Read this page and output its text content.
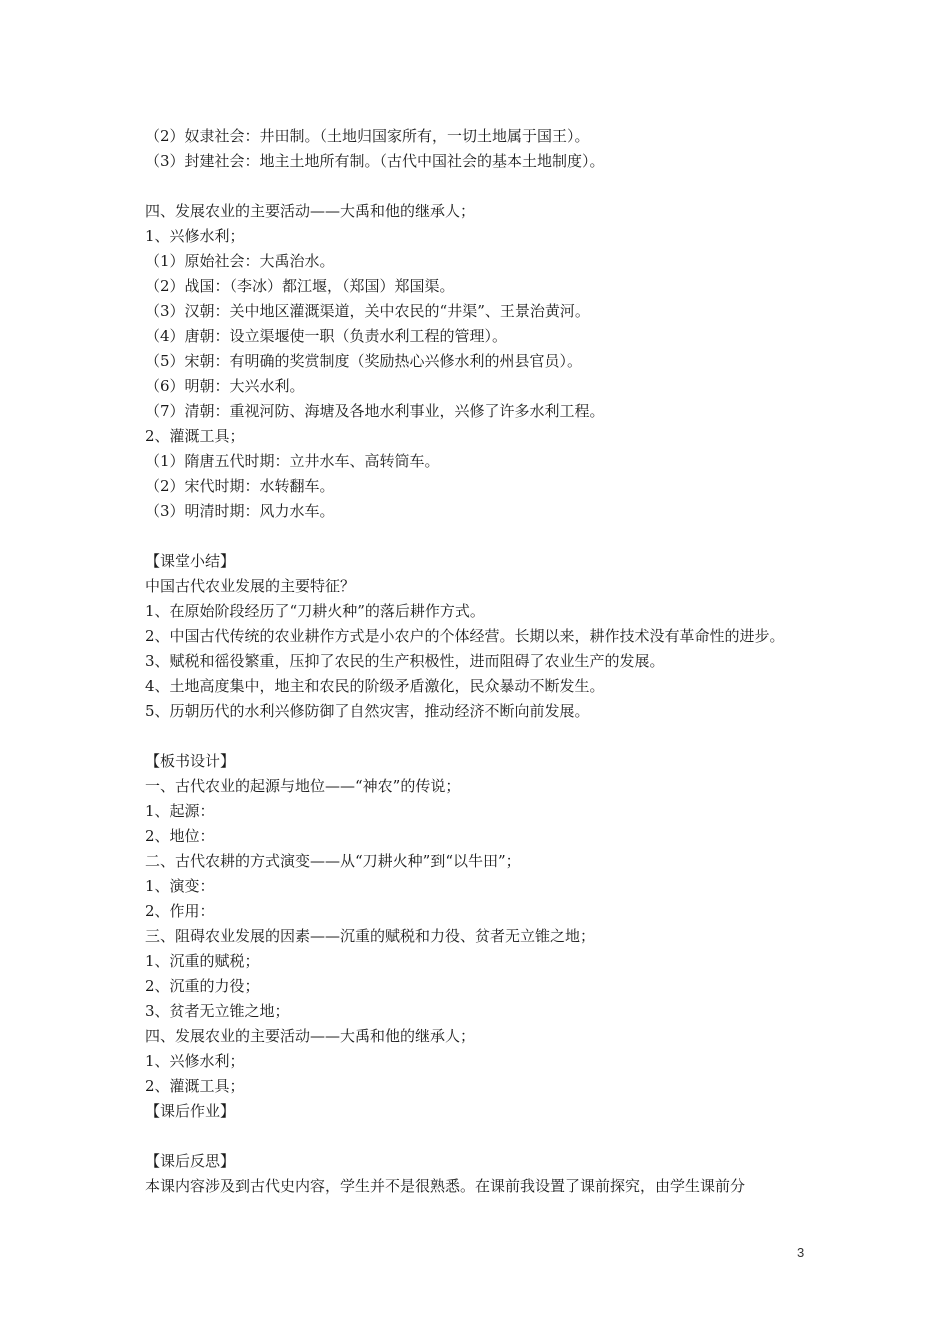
（2）奴隶社会：井田制。（土地归国家所有，一切土地属于国王）。
（3）封建社会：地主土地所有制。（古代中国社会的基本土地制度）。
四、发展农业的主要活动——大禹和他的继承人；
1、兴修水利；
（1）原始社会：大禹治水。
（2）战国：（李冰）都江堰，（郑国）郑国渠。
（3）汉朝：关中地区灌溉渠道，关中农民的“井渠”、王景治黄河。
（4）唐朝：设立渠堰使一职（负责水利工程的管理）。
（5）宋朝：有明确的奖赏制度（奖励热心兴修水利的州县官员）。
（6）明朝：大兴水利。
（7）清朝：重视河防、海塘及各地水利事业，兴修了许多水利工程。
2、灌溉工具；
（1）隋唐五代时期：立井水车、高转筒车。
（2）宋代时期：水转翻车。
（3）明清时期：风力水车。
【课堂小结】
中国古代农业发展的主要特征？
1、在原始阶段经历了“刀耕火种”的落后耕作方式。
2、中国古代传统的农业耕作方式是小农户的个体经营。长期以来，耕作技术没有革命性的进步。
3、赋税和徭役繁重，压抑了农民的生产积极性，进而阻碍了农业生产的发展。
4、土地高度集中，地主和农民的阶级矛盾激化，民众暴动不断发生。
5、历朝历代的水利兴修防御了自然灾害，推动经济不断向前发展。
【板书设计】
一、古代农业的起源与地位——“神农”的传说；
1、起源：
2、地位：
二、古代农耕的方式演变——从“刀耕火种”到“以牛田”；
1、演变：
2、作用：
三、阻碍农业发展的因素——沉重的赋税和力役、贫者无立锥之地；
1、沉重的赋税；
2、沉重的力役；
3、贫者无立锥之地；
四、发展农业的主要活动——大禹和他的继承人；
1、兴修水利；
2、灌溉工具；
【课后作业】
【课后反思】
本课内容涉及到古代史内容，学生并不是很熟悉。在课前我设置了课前探究，由学生课前分
3
